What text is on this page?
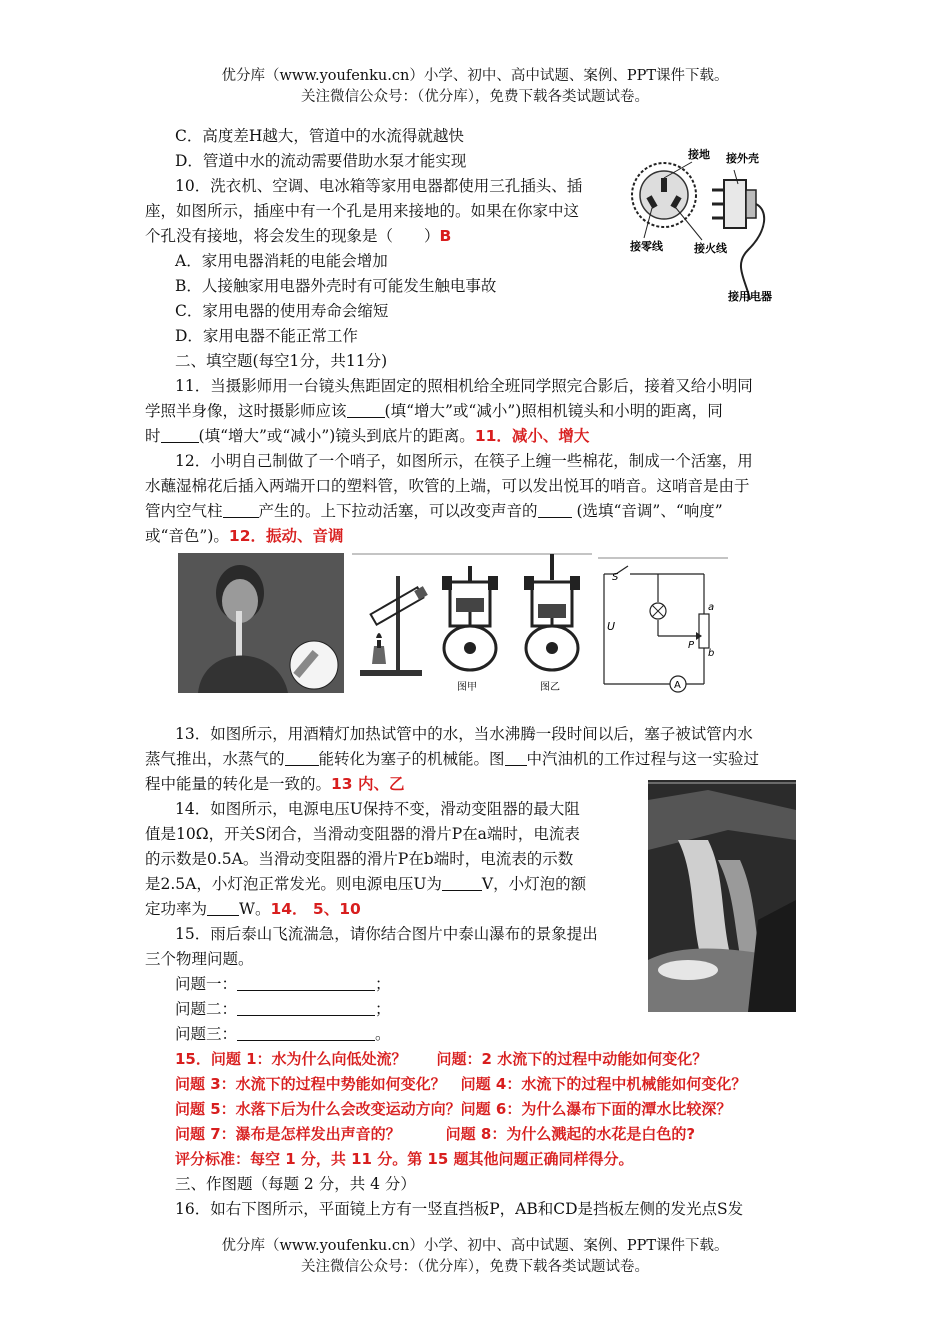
优分库（www.youfenku.cn）小学、初中、高中试题、案例、PPT课件下载。
关注微信公众号：（优分库），免费下载各类试题试卷。
C．高度差H越大，管道中的水流得就越快
D．管道中水的流动需要借助水泵才能实现
10．洗衣机、空调、电冰箱等家用电器都使用三孔插头、插
座，如图所示，插座中有一个孔是用来接地的。如果在你家中这
个孔没有接地，将会发生的现象是（　　）B
A．家用电器消耗的电能会增加
B．人接触家用电器外壳时有可能发生触电事故
C．家用电器的使用寿命会缩短
D．家用电器不能正常工作
接地 接外壳
接零线	接火线
接用电器
二、填空题(每空1分，共11分)
11．当摄影师用一台镜头焦距固定的照相机给全班同学照完合影后，接着又给小明同
学照半身像，这时摄影师应该 (填“增大”或“减小”)照相机镜头和小明的距离，同
时 (填“增大”或“减小”)镜头到底片的距离。11．减小、增大
12．小明自己制做了一个哨子，如图所示，在筷子上缠一些棉花，制成一个活塞，用
水蘸湿棉花后插入两端开口的塑料管，吹管的上端，可以发出悦耳的哨音。这哨音是由于
管内空气柱 产生的。上下拉动活塞，可以改变声音的 (选填“音调”、“响度”
或“音色”)。12．振动、音调
图甲	图乙	A
S
U
a
P
b
13．如图所示，用酒精灯加热试管中的水，当水沸腾一段时间以后，塞子被试管内水
蒸气推出，水蒸气的 能转化为塞子的机械能。图 中汽油机的工作过程与这一实验过
程中能量的转化是一致的。13 内、乙
14．如图所示，电源电压U保持不变，滑动变阻器的最大阻
值是10Ω，开关S闭合，当滑动变阻器的滑片P在a端时，电流表
的示数是0.5A。当滑动变阻器的滑片P在b端时，电流表的示数
是2.5A，小灯泡正常发光。则电源电压U为	V，小灯泡的额
定功率为 W。14． 5、10
15．雨后泰山飞流湍急，请你结合图片中泰山瀑布的景象提出
三个物理问题。
问题一：	；
问题二：	；
问题三：	。
15．问题 1：水为什么向低处流？　　问题：2 水流下的过程中动能如何变化？
问题 3：水流下的过程中势能如何变化？　问题 4：水流下的过程中机械能如何变化？
问题 5：水落下后为什么会改变运动方向？问题 6：为什么瀑布下面的潭水比较深？
问题 7：瀑布是怎样发出声音的？　　　问题 8：为什么溅起的水花是白色的?
评分标准：每空 1 分，共 11 分。第 15 题其他问题正确同样得分。
三、作图题（每题 2 分，共 4 分）
16．如右下图所示，平面镜上方有一竖直挡板P，AB和CD是挡板左侧的发光点S发
优分库（www.youfenku.cn）小学、初中、高中试题、案例、PPT课件下载。
关注微信公众号：（优分库），免费下载各类试题试卷。
